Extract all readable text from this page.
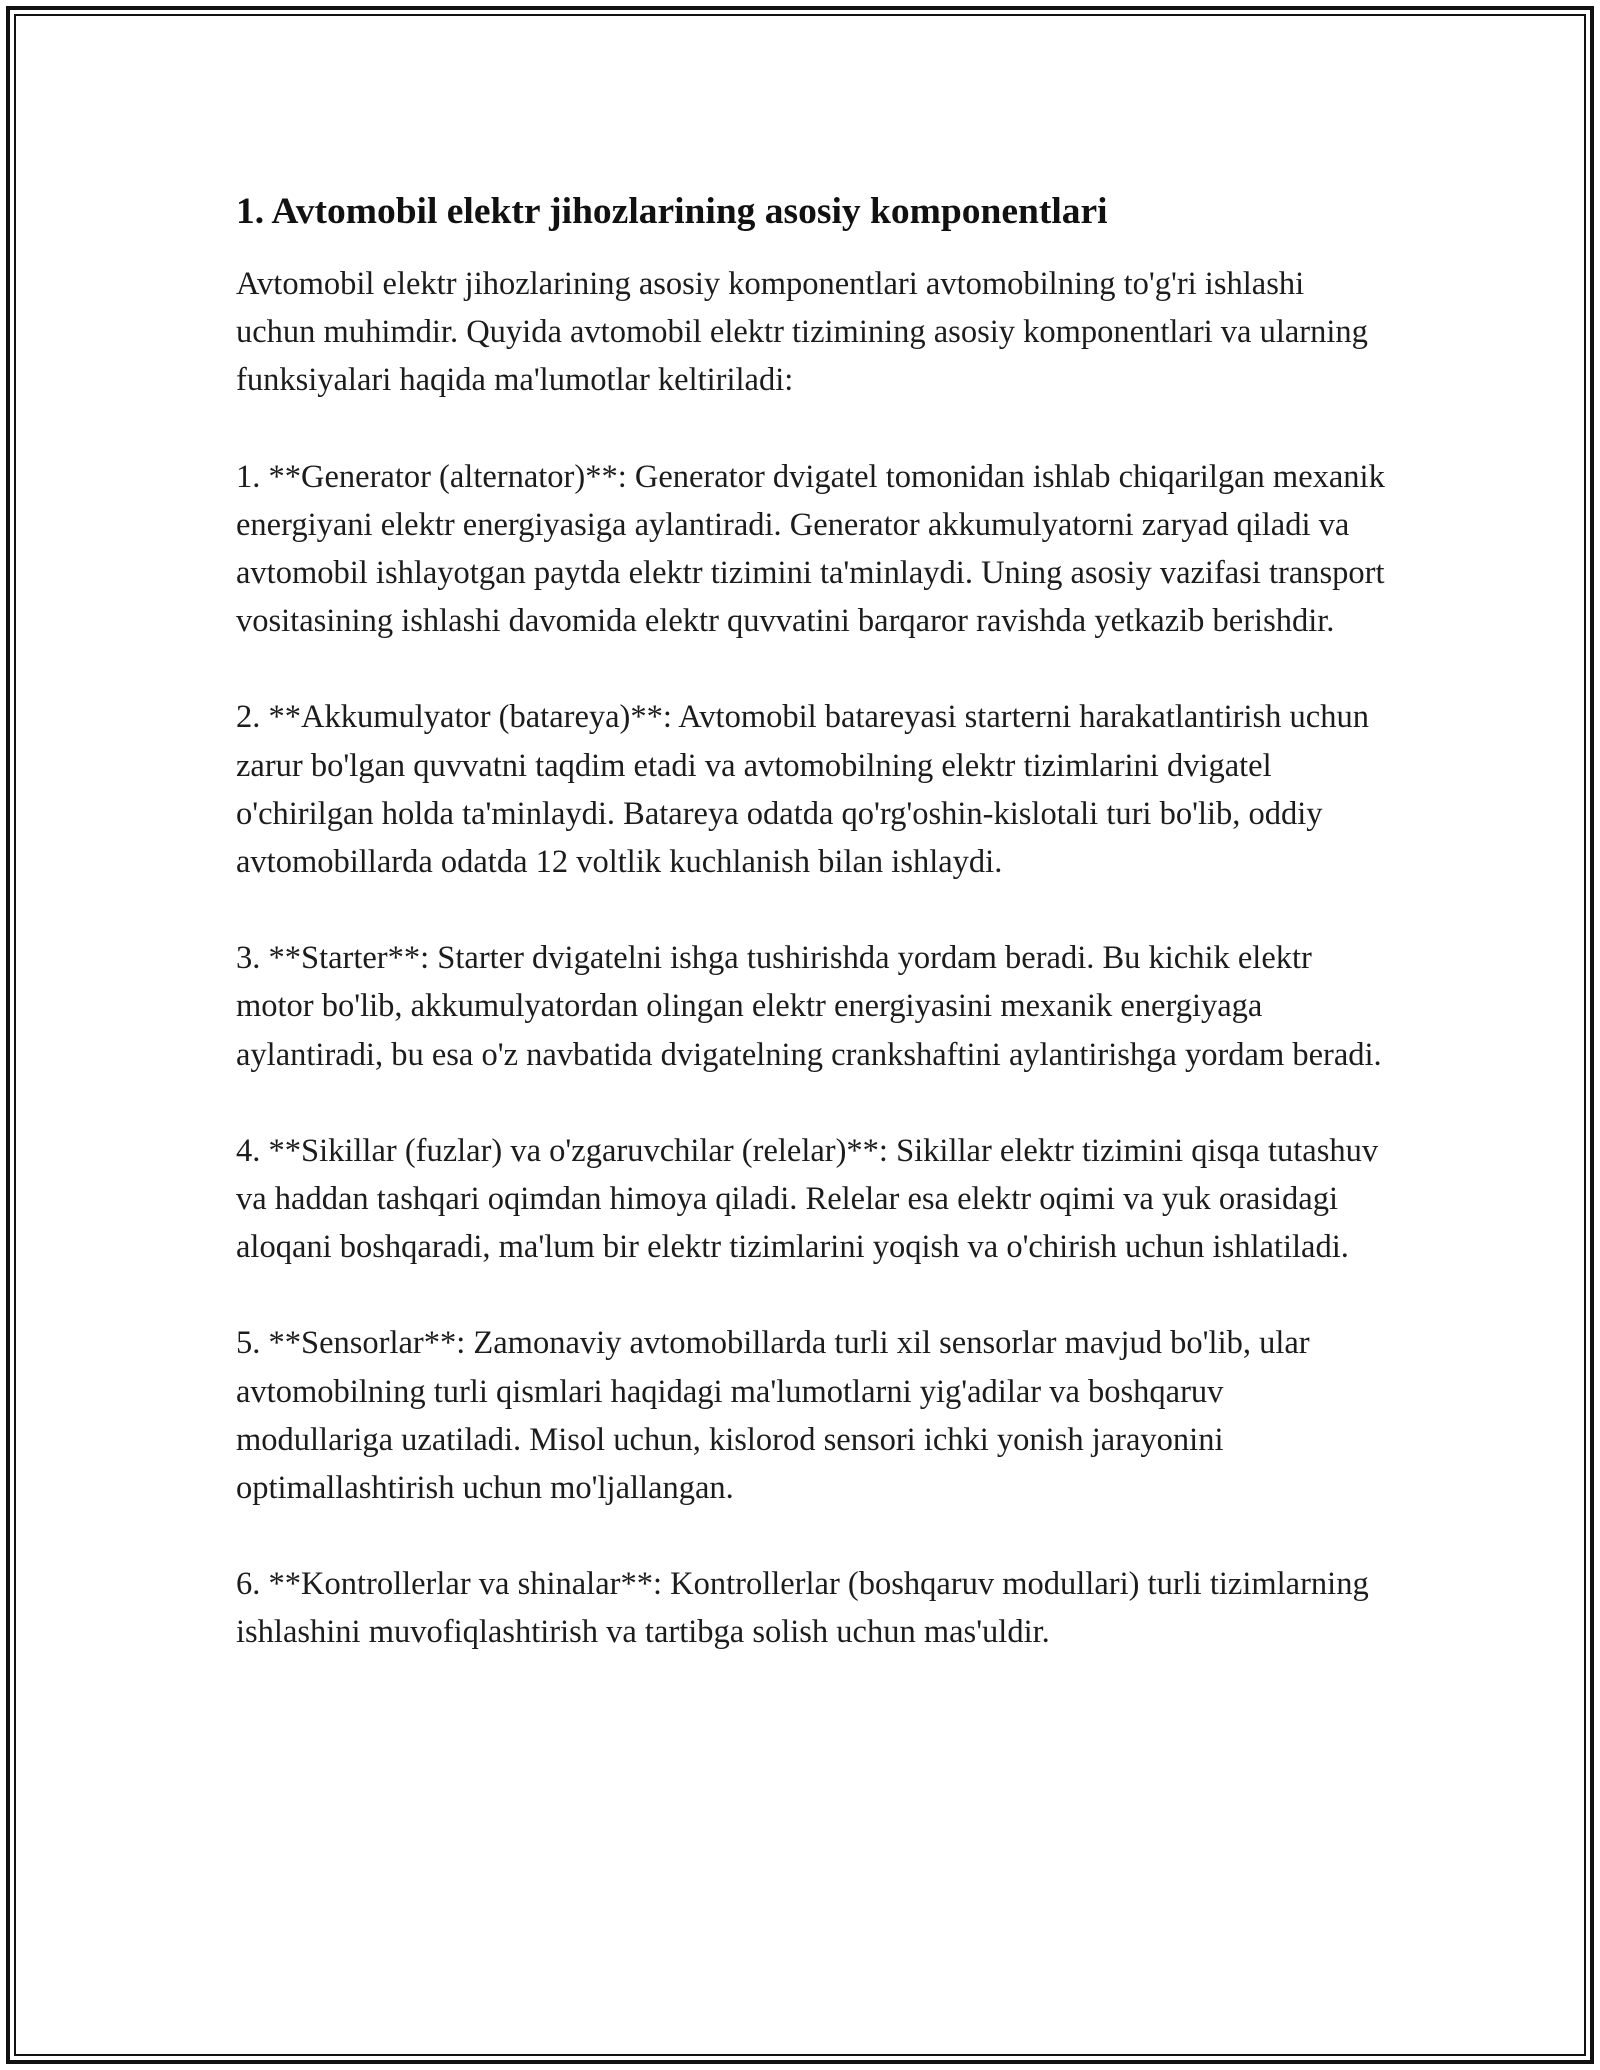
1. Avtomobil elektr jihozlarining asosiy komponentlari

Avtomobil elektr jihozlarining asosiy komponentlari avtomobilning to'g'ri ishlashi uchun muhimdir. Quyida avtomobil elektr tizimining asosiy komponentlari va ularning funksiyalari haqida ma'lumotlar keltiriladi:

1. **Generator (alternator)**: Generator dvigatel tomonidan ishlab chiqarilgan mexanik energiyani elektr energiyasiga aylantiradi. Generator akkumulyatorni zaryad qiladi va avtomobil ishlayotgan paytda elektr tizimini ta'minlaydi. Uning asosiy vazifasi transport vositasining ishlashi davomida elektr quvvatini barqaror ravishda yetkazib berishdir.

2. **Akkumulyator (batareya)**: Avtomobil batareyasi starterni harakatlantirish uchun zarur bo'lgan quvvatni taqdim etadi va avtomobilning elektr tizimlarini dvigatel o'chirilgan holda ta'minlaydi. Batareya odatda qo'rg'oshin-kislotali turi bo'lib, oddiy avtomobillarda odatda 12 voltlik kuchlanish bilan ishlaydi.

3. **Starter**: Starter dvigatelni ishga tushirishda yordam beradi. Bu kichik elektr motor bo'lib, akkumulyatordan olingan elektr energiyasini mexanik energiyaga aylantiradi, bu esa o'z navbatida dvigatelning crankshaftini aylantirishga yordam beradi.

4. **Sikillar (fuzlar) va o'zgaruvchilar (relelar)**: Sikillar elektr tizimini qisqa tutashuv va haddan tashqari oqimdan himoya qiladi. Relelar esa elektr oqimi va yuk orasidagi aloqani boshqaradi, ma'lum bir elektr tizimlarini yoqish va o'chirish uchun ishlatiladi.

5. **Sensorlar**: Zamonaviy avtomobillarda turli xil sensorlar mavjud bo'lib, ular avtomobilning turli qismlari haqidagi ma'lumotlarni yig'adilar va boshqaruv modullariga uzatiladi. Misol uchun, kislorod sensori ichki yonish jarayonini optimallashtirish uchun mo'ljallangan.

6. **Kontrollerlar va shinalar**: Kontrollerlar (boshqaruv modullari) turli tizimlarning ishlashini muvofiqlashtirish va tartibga solish uchun mas'uldir.
